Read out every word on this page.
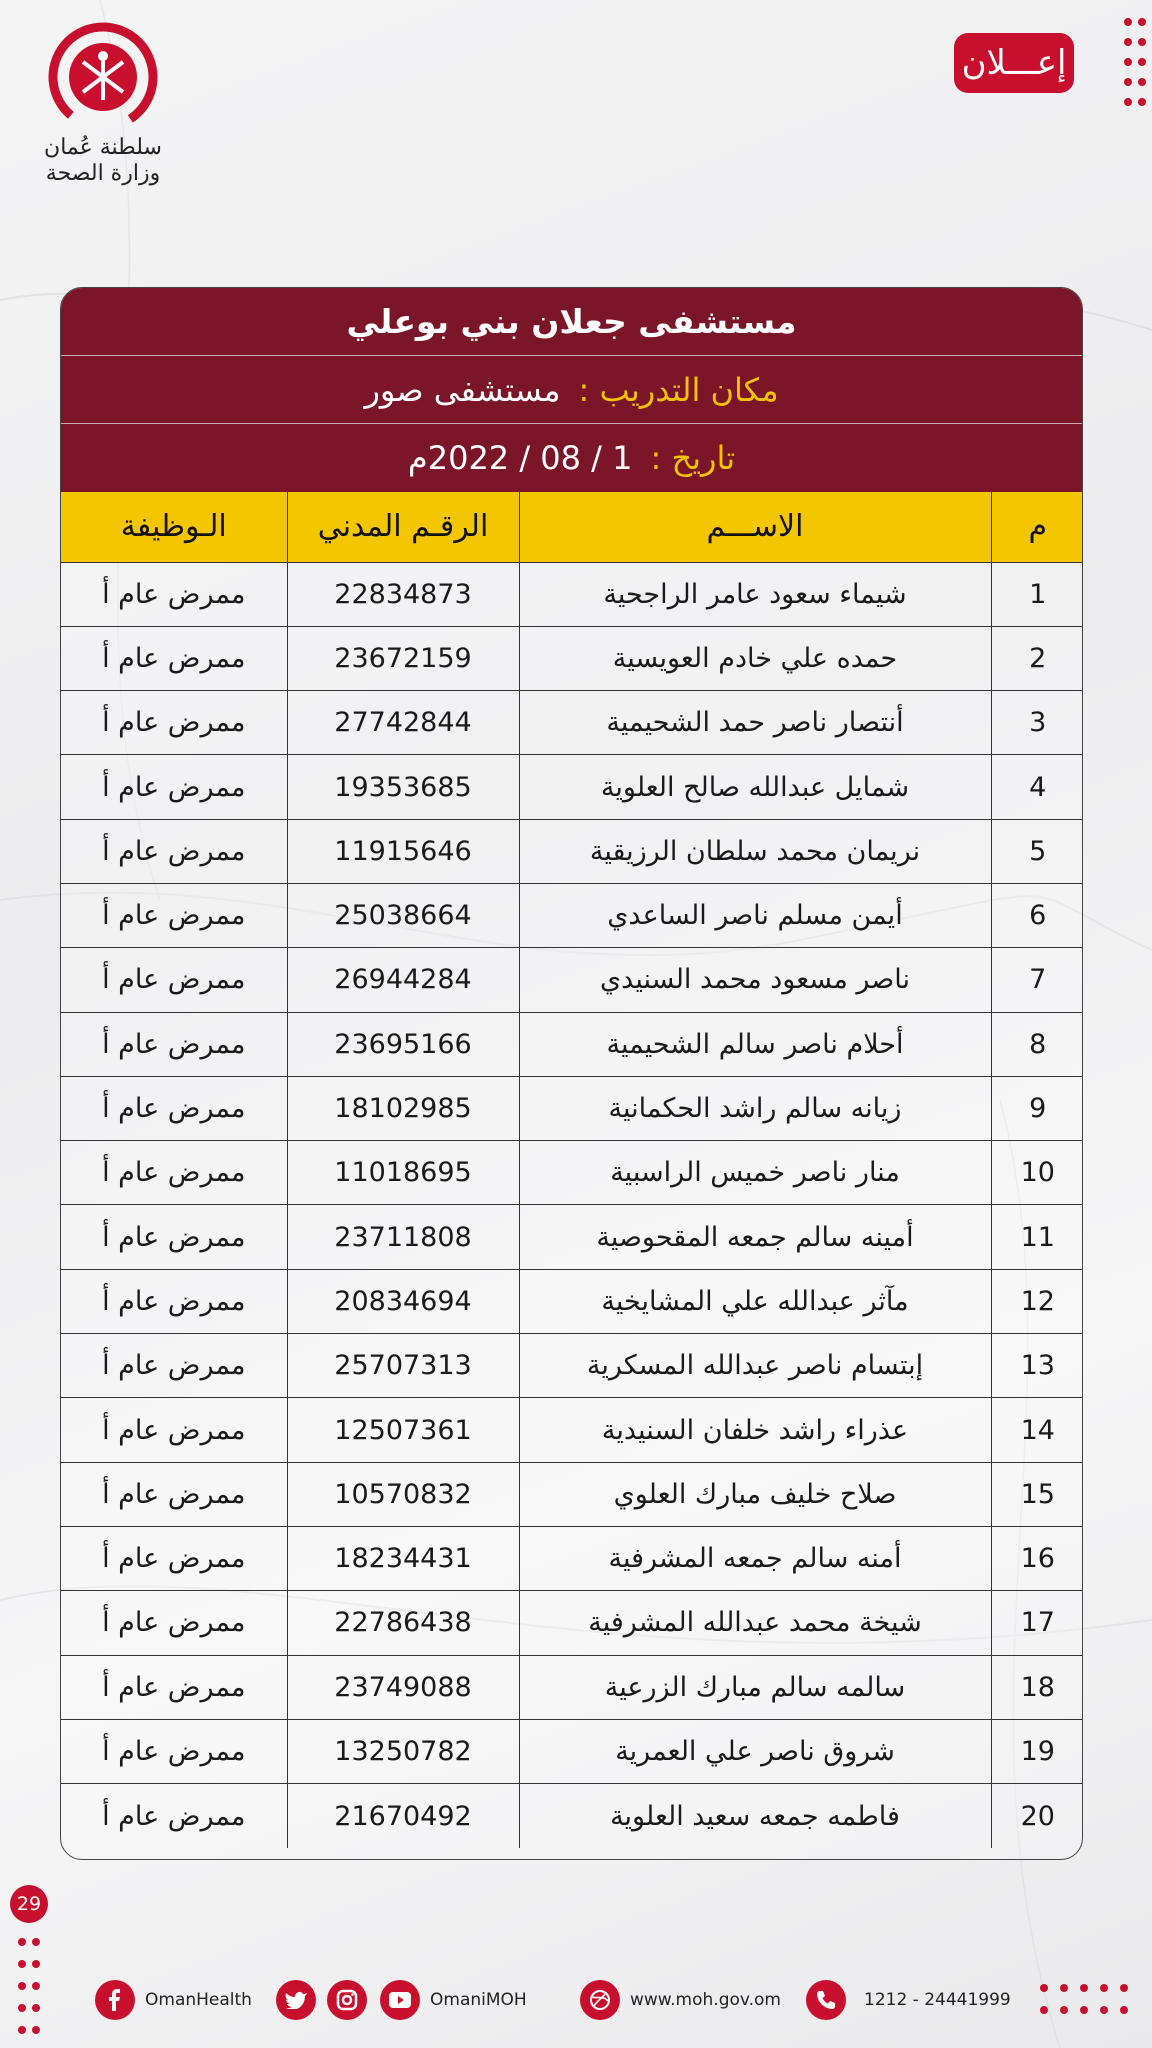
سلطنة عُمان
وزارة الصحة
إعـــلان
مستشفى جعلان بني بوعلي
مكان التدريب :
مستشفى صور
تاريخ :
1 / 08 / 2022م
م	الاســـم	الرقـم المدني	الـوظيفة
1	شيماء سعود عامر الراجحية	22834873	ممرض عام أ
2	حمده علي خادم العويسية	23672159	ممرض عام أ
3	أنتصار ناصر حمد الشحيمية	27742844	ممرض عام أ
4	شمايل عبدالله صالح العلوية	19353685	ممرض عام أ
5	نريمان محمد سلطان الرزيقية	11915646	ممرض عام أ
6	أيمن مسلم ناصر الساعدي	25038664	ممرض عام أ
7	ناصر مسعود محمد السنيدي	26944284	ممرض عام أ
8	أحلام ناصر سالم الشحيمية	23695166	ممرض عام أ
9	زيانه سالم راشد الحكمانية	18102985	ممرض عام أ
10	منار ناصر خميس الراسبية	11018695	ممرض عام أ
11	أمينه سالم جمعه المقحوصية	23711808	ممرض عام أ
12	مآثر عبدالله علي المشايخية	20834694	ممرض عام أ
13	إبتسام ناصر عبدالله المسكرية	25707313	ممرض عام أ
14	عذراء راشد خلفان السنيدية	12507361	ممرض عام أ
15	صلاح خليف مبارك العلوي	10570832	ممرض عام أ
16	أمنه سالم جمعه المشرفية	18234431	ممرض عام أ
17	شيخة محمد عبدالله المشرفية	22786438	ممرض عام أ
18	سالمه سالم مبارك الزرعية	23749088	ممرض عام أ
19	شروق ناصر علي العمرية	13250782	ممرض عام أ
20	فاطمه جمعه سعيد العلوية	21670492	ممرض عام أ
29
OmanHealth	OmaniMOH	www.moh.gov.om	1212 - 24441999
